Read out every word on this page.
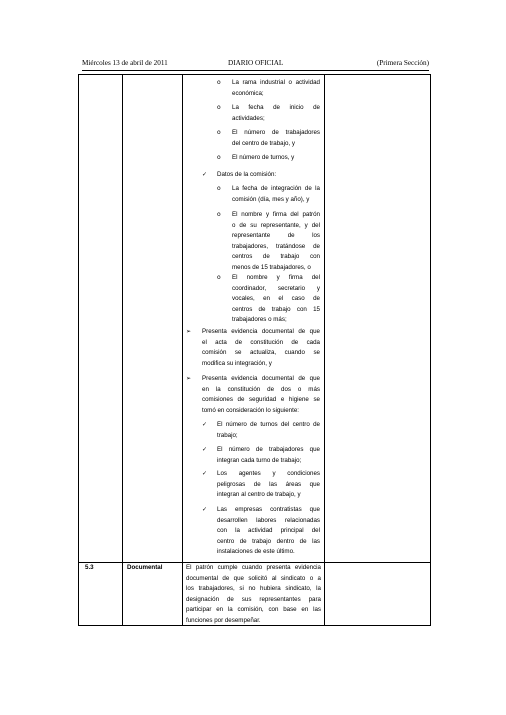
Miércoles 13 de abril de 2011	DIARIO OFICIAL	(Primera Sección)
o La rama industrial o actividad
económica;
o La fecha de inicio de
actividades;
o El número de trabajadores
del centro de trabajo, y
o El número de turnos, y
✓ Datos de la comisión:
o La fecha de integración de la
comisión (día, mes y año), y
o El nombre y firma del patrón
o de su representante, y del
representante de los
trabajadores, tratándose de
centros de trabajo con
menos de 15 trabajadores, o
o El nombre y firma del
coordinador, secretario y
vocales, en el caso de
centros de trabajo con 15
trabajadores o más;
➢ Presenta evidencia documental de que
el acta de constitución de cada
comisión se actualiza, cuando se
modifica su integración, y
➢ Presenta evidencia documental de que
en la constitución de dos o más
comisiones de seguridad e higiene se
tomó en consideración lo siguiente:
✓ El número de turnos del centro de
trabajo;
✓ El número de trabajadores que
integran cada turno de trabajo;
✓ Los agentes y condiciones
peligrosas de las áreas que
integran al centro de trabajo, y
✓ Las empresas contratistas que
desarrollen labores relacionadas
con la actividad principal del
centro de trabajo dentro de las
instalaciones de este último.
5.3	Documental	El patrón cumple cuando presenta evidencia
documental de que solicitó al sindicato o a
los trabajadores, si no hubiera sindicato, la
designación de sus representantes para
participar en la comisión, con base en las
funciones por desempeñar.
